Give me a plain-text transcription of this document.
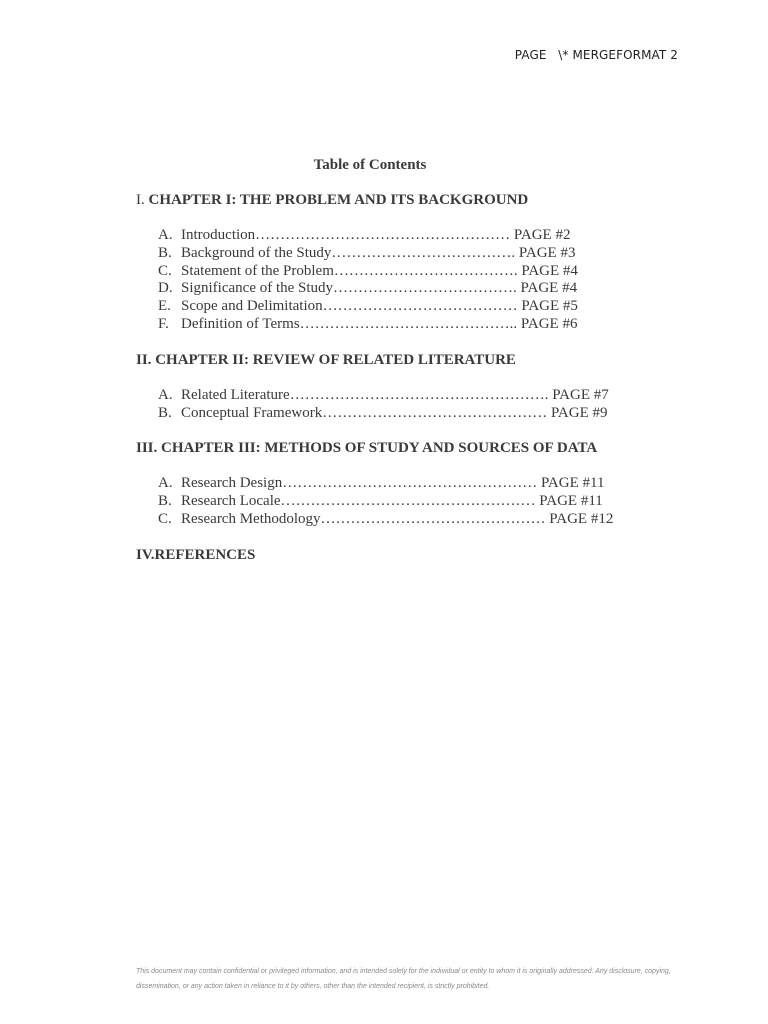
PAGE   \* MERGEFORMAT 2
Table of Contents
I. CHAPTER I: THE PROBLEM AND ITS BACKGROUND
A. Introduction…………………………………………… PAGE #2
B. Background of the Study………………………………. PAGE #3
C. Statement of the Problem………………………………. PAGE #4
D. Significance of the Study………………………………. PAGE #4
E. Scope and Delimitation………………………………… PAGE #5
F. Definition of Terms…………………………………….. PAGE #6
II. CHAPTER II: REVIEW OF RELATED LITERATURE
A. Related Literature……………………………………………. PAGE #7
B. Conceptual Framework……………………………………… PAGE #9
III. CHAPTER III: METHODS OF STUDY AND SOURCES OF DATA
A. Research Design…………………………………………… PAGE #11
B. Research Locale…………………………………………… PAGE #11
C. Research Methodology……………………………………… PAGE #12
IV.REFERENCES
This document may contain confidential or privileged information, and is intended solely for the individual or entity to whom it is originally addressed. Any disclosure, copying, dissemination, or any action taken in reliance to it by others, other than the intended recipient, is strictly prohibited.
